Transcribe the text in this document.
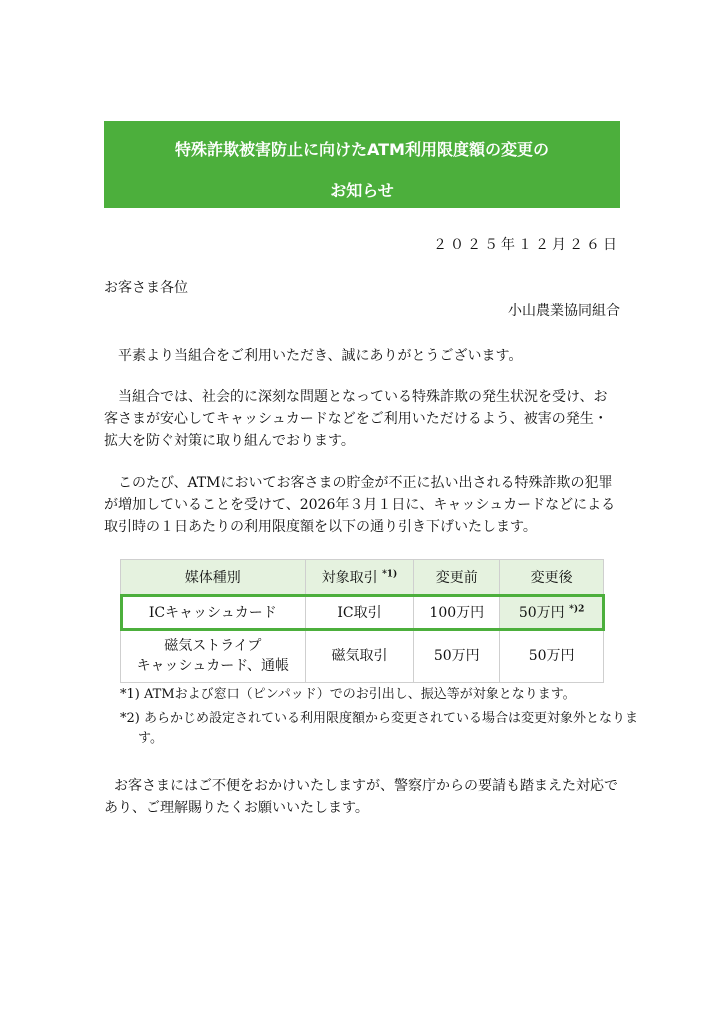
特殊詐欺被害防止に向けたATM利用限度額の変更の
お知らせ
２０２５年１２月２６日
お客さま各位
小山農業協同組合

平素より当組合をご利用いただき、誠にありがとうございます。

当組合では、社会的に深刻な問題となっている特殊詐欺の発生状況を受け、お客さまが安心してキャッシュカードなどをご利用いただけるよう、被害の発生・拡大を防ぐ対策に取り組んでおります。

このたび、ATMにおいてお客さまの貯金が不正に払い出される特殊詐欺の犯罪が増加していることを受けて、2026年３月１日に、キャッシュカードなどによる取引時の１日あたりの利用限度額を以下の通り引き下げいたします。

媒体種別	対象取引 $^{*1)}$	変更前	変更後
ICキャッシュカード	IC取引	100万円	50万円 $^{*)2}$

磁気ストライプ
キャッシュカード、通帳	磁気取引	50万円	50万円

*1) ATMおよび窓口（ピンパッド）でのお引出し、振込等が対象となります。

*2) あらかじめ設定されている利用限度額から変更されている場合は変更対象外となります。

お客さまにはご不便をおかけいたしますが、警察庁からの要請も踏まえた対応であり、ご理解賜りたくお願いいたします。
